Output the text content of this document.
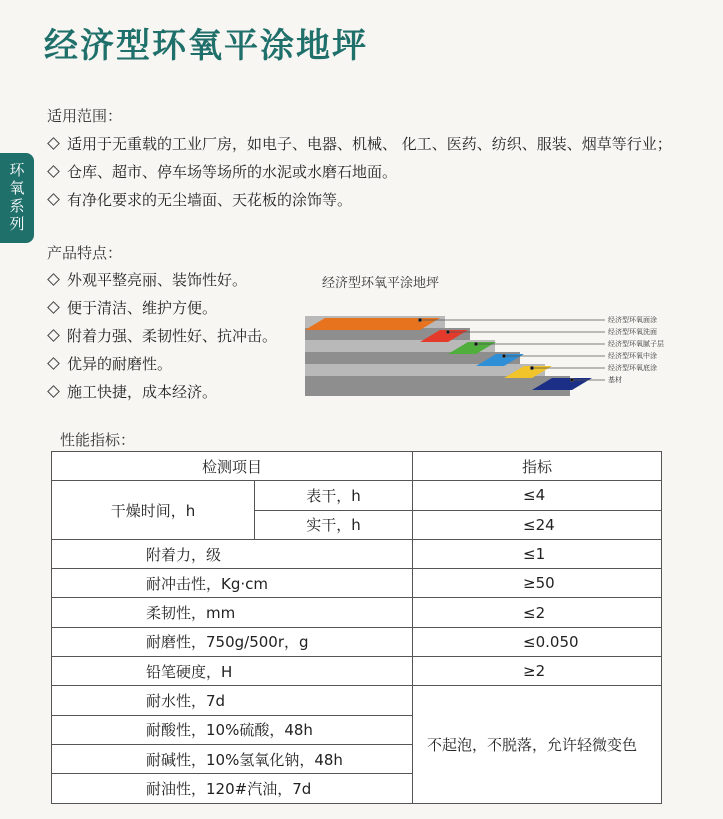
经济型环氧平涂地坪
环氧系列
适用范围：
适用于无重载的工业厂房，如电子、电器、机械、 化工、医药、纺织、服装、烟草等行业；
仓库、超市、停车场等场所的水泥或水磨石地面。
有净化要求的无尘墙面、天花板的涂饰等。
产品特点：
外观平整亮丽、装饰性好。
便于清洁、维护方便。
附着力强、柔韧性好、抗冲击。
优异的耐磨性。
施工快捷，成本经济。
经济型环氧平涂地坪
经济型环氧面涂
经济型环氧洗面
经济型环氧腻子层
经济型环氧中涂
经济型环氧底涂
基材
性能指标：
检测项目		指标
干燥时间，h	表干，h	≤4
	实干，h	≤24
附着力，级		≤1
耐冲击性，Kg·cm		≥50
柔韧性，mm		≤2
耐磨性，750g/500r，g		≤0.050
铅笔硬度，H		≥2
耐水性，7d		不起泡，不脱落，允许轻微变色
耐酸性，10%硫酸，48h		
耐碱性，10%氢氧化钠，48h		
耐油性，120#汽油，7d		
